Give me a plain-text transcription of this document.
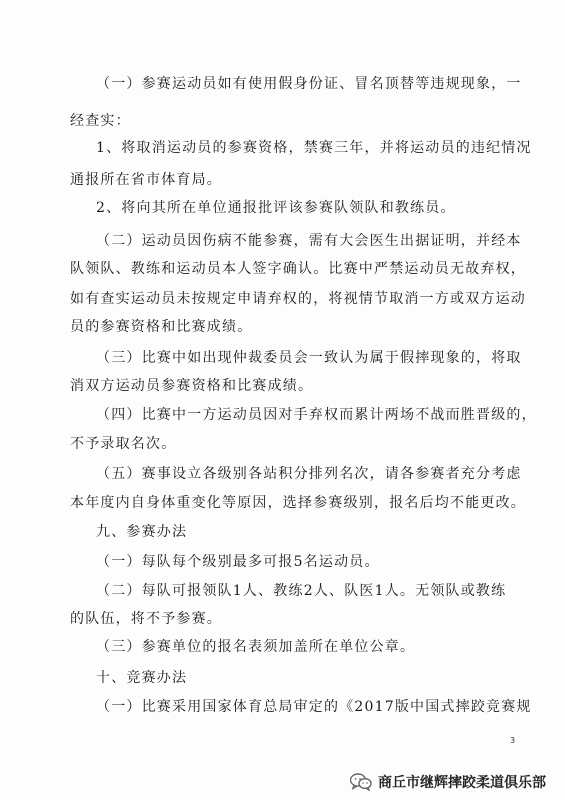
（一）参赛运动员如有使用假身份证、冒名顶替等违规现象，一
经查实：
1、将取消运动员的参赛资格，禁赛三年，并将运动员的违纪情况
通报所在省市体育局。
2、将向其所在单位通报批评该参赛队领队和教练员。
（二）运动员因伤病不能参赛，需有大会医生出据证明，并经本
队领队、教练和运动员本人签字确认。比赛中严禁运动员无故弃权，
如有查实运动员未按规定申请弃权的，将视情节取消一方或双方运动
员的参赛资格和比赛成绩。
（三）比赛中如出现仲裁委员会一致认为属于假摔现象的，将取
消双方运动员参赛资格和比赛成绩。
（四）比赛中一方运动员因对手弃权而累计两场不战而胜晋级的，
不予录取名次。
（五）赛事设立各级别各站积分排列名次，请各参赛者充分考虑
本年度内自身体重变化等原因，选择参赛级别，报名后均不能更改。
九、参赛办法
（一）每队每个级别最多可报5名运动员。
（二）每队可报领队1人、教练2人、队医1人。无领队或教练
的队伍，将不予参赛。
（三）参赛单位的报名表须加盖所在单位公章。
十、竞赛办法
（一）比赛采用国家体育总局审定的《2017版中国式摔跤竞赛规
3
商丘市继辉摔跤柔道俱乐部
